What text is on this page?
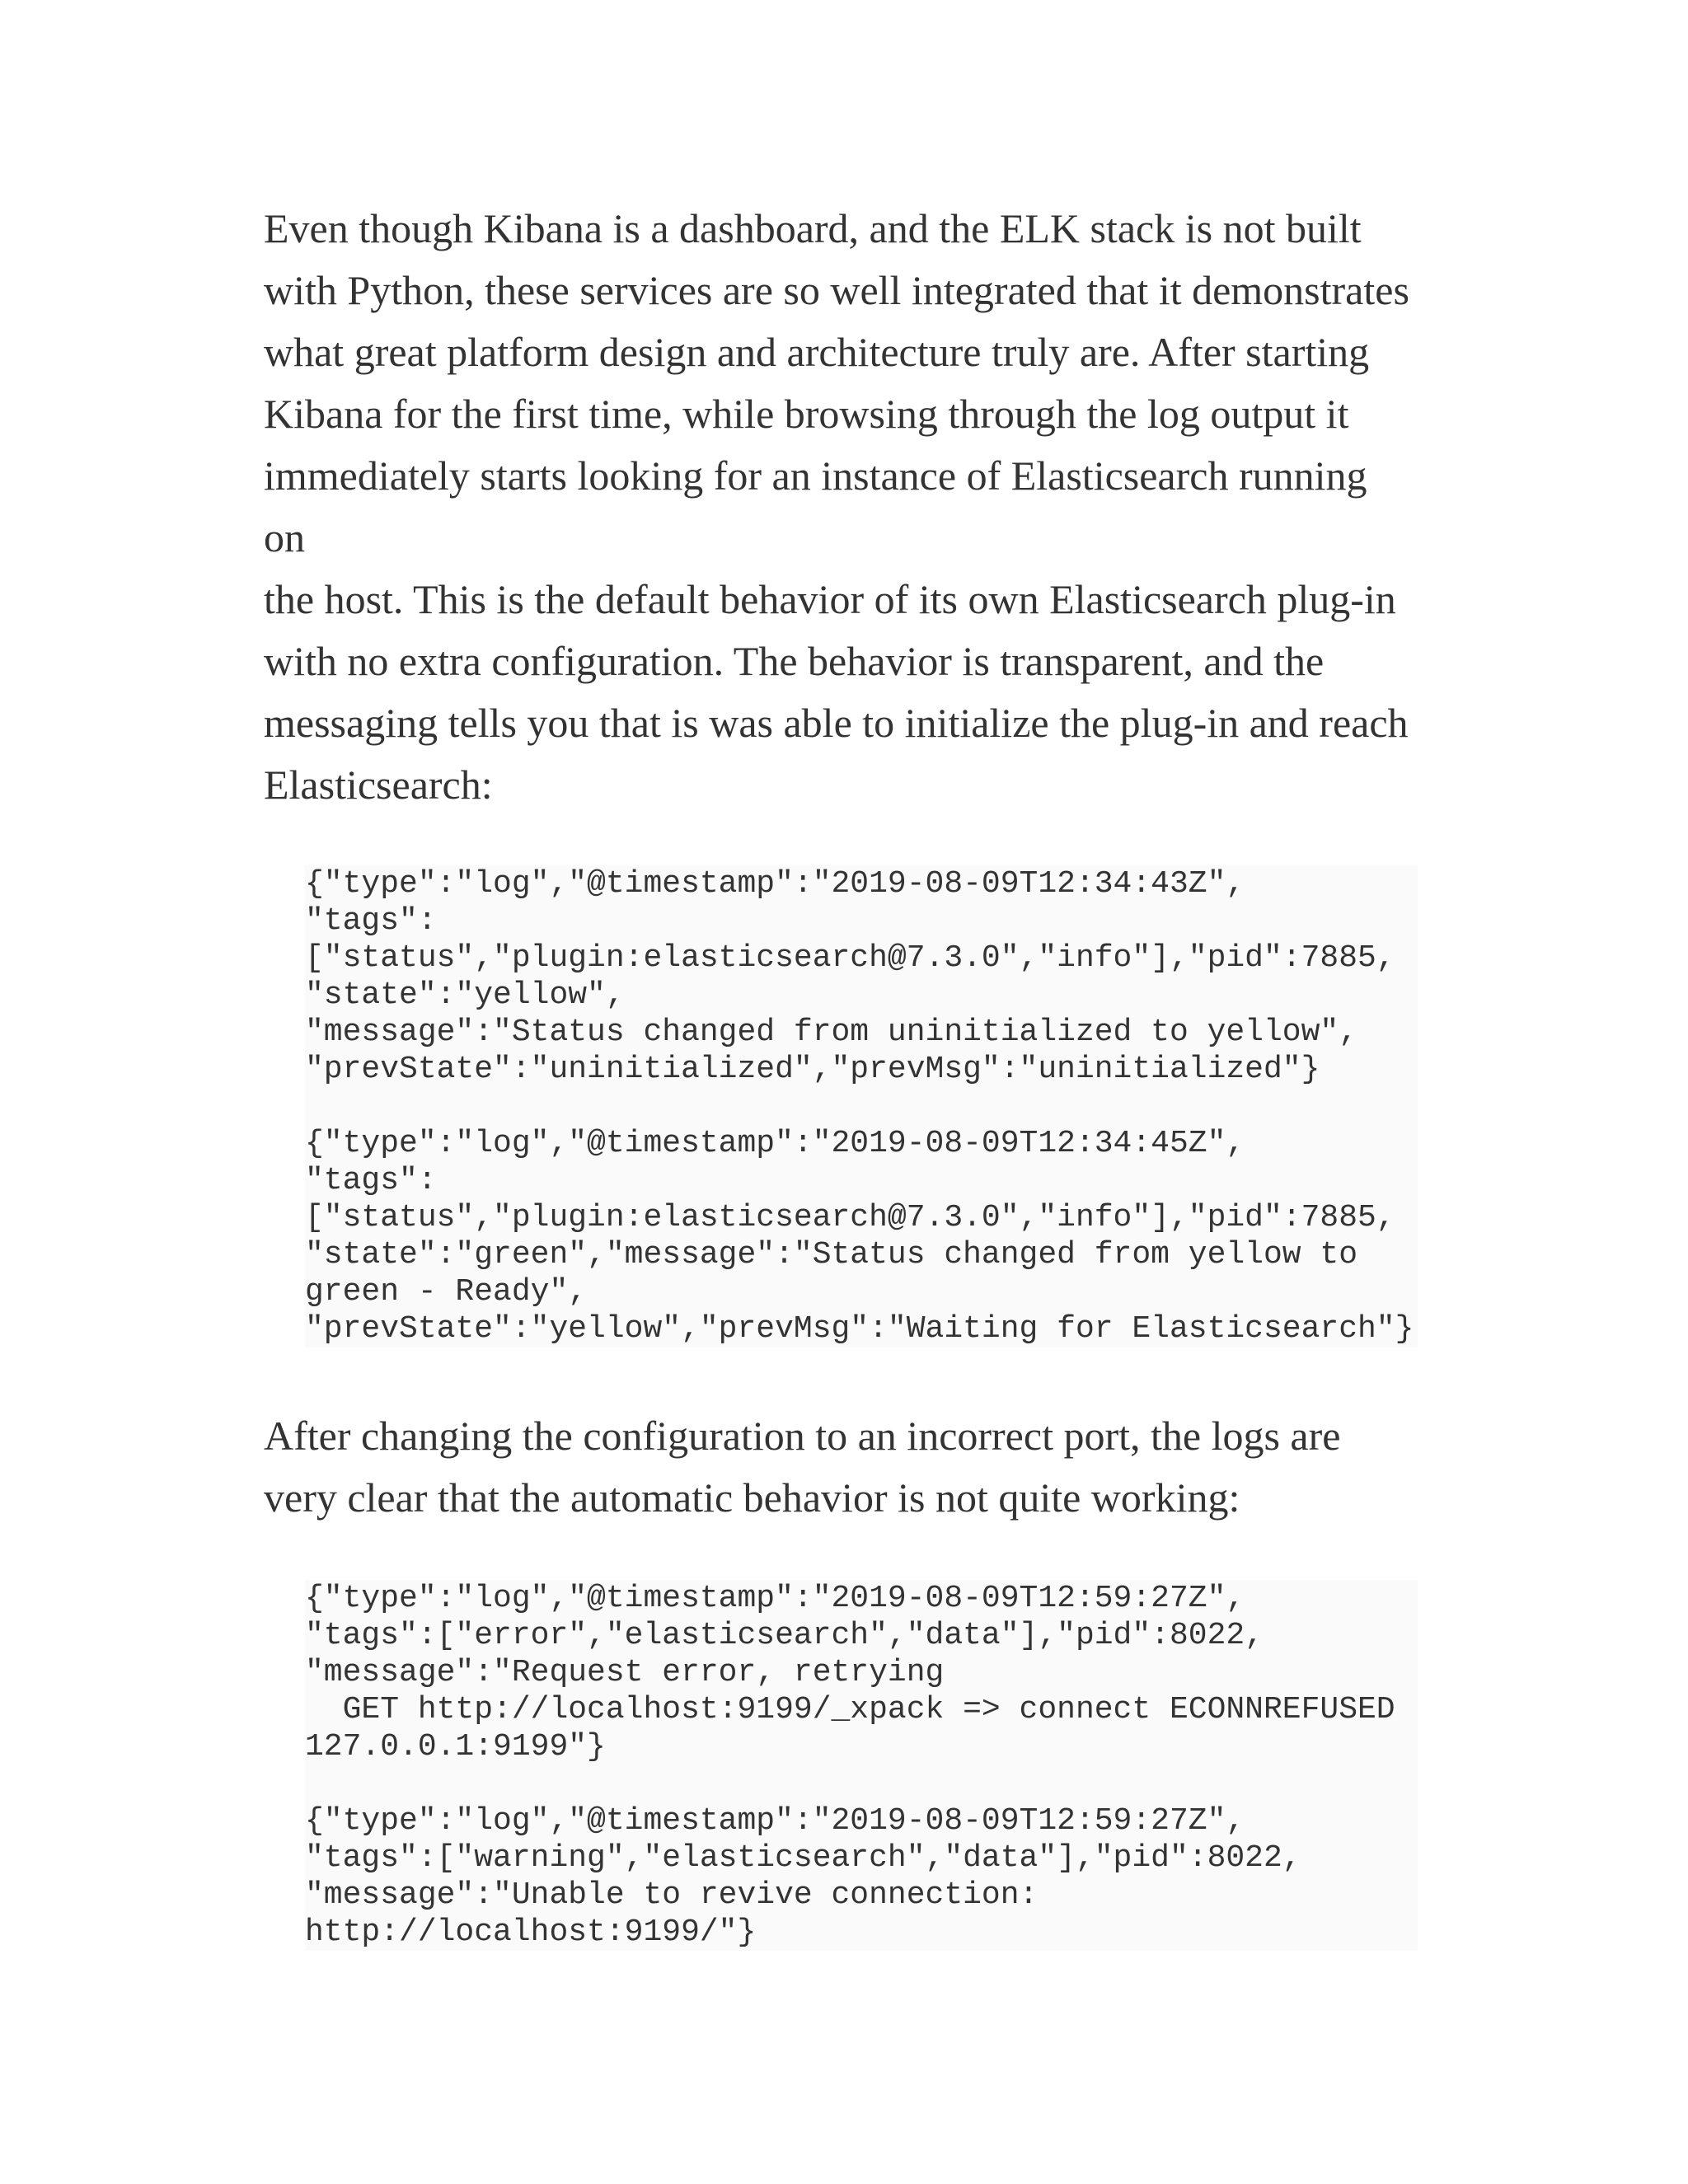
Even though Kibana is a dashboard, and the ELK stack is not built
with Python, these services are so well integrated that it demonstrates
what great platform design and architecture truly are. After starting
Kibana for the first time, while browsing through the log output it
immediately starts looking for an instance of Elasticsearch running on
the host. This is the default behavior of its own Elasticsearch plug-in
with no extra configuration. The behavior is transparent, and the
messaging tells you that is was able to initialize the plug-in and reach
Elasticsearch:

{"type":"log","@timestamp":"2019-08-09T12:34:43Z",
"tags":
["status","plugin:elasticsearch@7.3.0","info"],"pid":7885,
"state":"yellow",
"message":"Status changed from uninitialized to yellow",
"prevState":"uninitialized","prevMsg":"uninitialized"}
{"type":"log","@timestamp":"2019-08-09T12:34:45Z",
"tags":
["status","plugin:elasticsearch@7.3.0","info"],"pid":7885,
"state":"green","message":"Status changed from yellow to
green - Ready",
"prevState":"yellow","prevMsg":"Waiting for Elasticsearch"}

After changing the configuration to an incorrect port, the logs are
very clear that the automatic behavior is not quite working:

{"type":"log","@timestamp":"2019-08-09T12:59:27Z",
"tags":["error","elasticsearch","data"],"pid":8022,
"message":"Request error, retrying
GET http://localhost:9199/_xpack => connect ECONNREFUSED
127.0.0.1:9199"}
{"type":"log","@timestamp":"2019-08-09T12:59:27Z",
"tags":["warning","elasticsearch","data"],"pid":8022,
"message":"Unable to revive connection:
http://localhost:9199/"}
